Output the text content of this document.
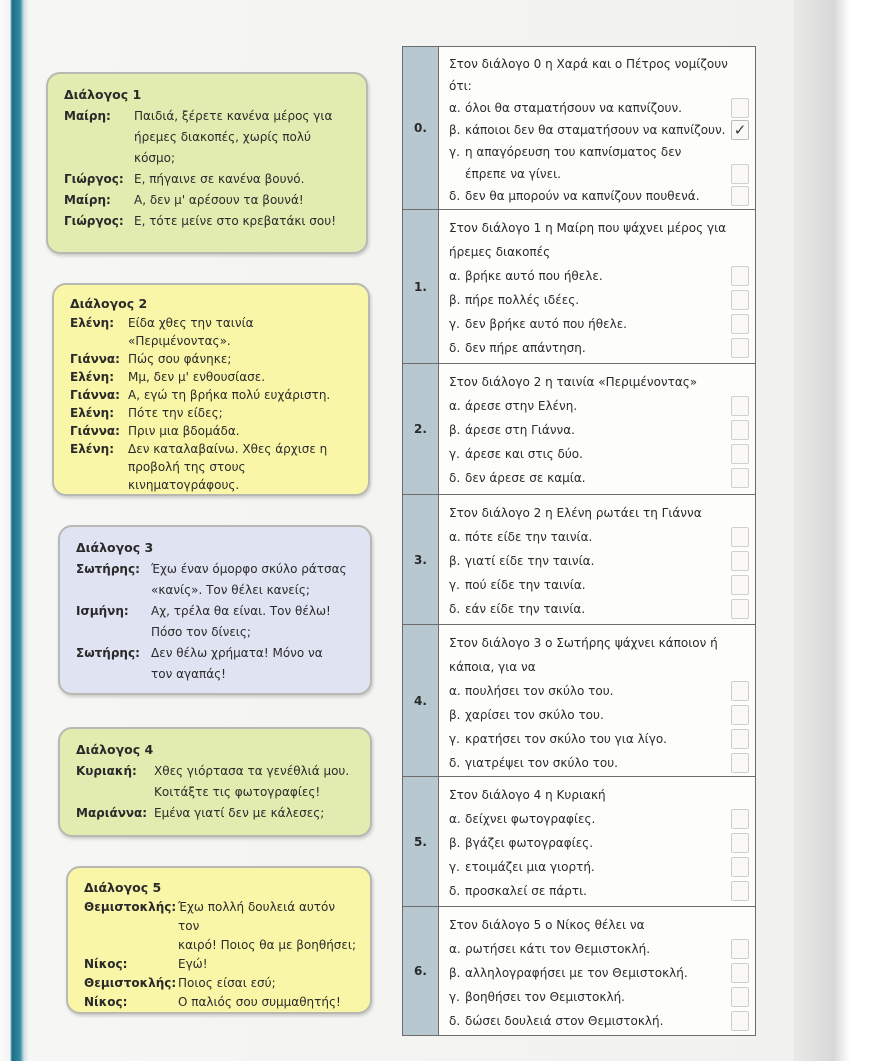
Διάλογος 1
Μαίρη:	Παιδιά, ξέρετε κανένα μέρος για
ήρεμες διακοπές, χωρίς πολύ
κόσμο;
Γιώργος: Ε, πήγαινε σε κανένα βουνό.
Μαίρη:	Α, δεν μ' αρέσουν τα βουνά!
Γιώργος: Ε, τότε μείνε στο κρεβατάκι σου!
Διάλογος 2
Ελένη:	Είδα χθες την ταινία «Περιμένοντας».
Γιάννα: Πώς σου φάνηκε;
Ελένη:	Μμ, δεν μ' ενθουσίασε.
Γιάννα: Α, εγώ τη βρήκα πολύ ευχάριστη.
Ελένη:	Πότε την είδες;
Γιάννα: Πριν μια βδομάδα.
Ελένη:	Δεν καταλαβαίνω. Χθες άρχισε η
προβολή της στους κινηματογράφους.
Διάλογος 3
Σωτήρης: Έχω έναν όμορφο σκύλο ράτσας
«κανίς». Τον θέλει κανείς;
Ισμήνη:	Αχ, τρέλα θα είναι. Τον θέλω!
Πόσο τον δίνεις;
Σωτήρης: Δεν θέλω χρήματα! Μόνο να
τον αγαπάς!
Διάλογος 4
Κυριακή:	Χθες γιόρτασα τα γενέθλιά μου.
Κοιτάξτε τις φωτογραφίες!
Μαριάννα: Εμένα γιατί δεν με κάλεσες;
Διάλογος 5
Θεμιστοκλής: Έχω πολλή δουλειά αυτόν τον
καιρό! Ποιος θα με βοηθήσει;
Νίκος:	Εγώ!
Θεμιστοκλής: Ποιος είσαι εσύ;
Νίκος:	Ο παλιός σου συμμαθητής!
0.
Στον διάλογο 0 η Χαρά και ο Πέτρος νομίζουν ότι:
α. όλοι θα σταματήσουν να καπνίζουν.
β. κάποιοι δεν θα σταματήσουν να καπνίζουν. ✓
γ. η απαγόρευση του καπνίσματος δεν
έπρεπε να γίνει.
δ. δεν θα μπορούν να καπνίζουν πουθενά.
1.
Στον διάλογο 1 η Μαίρη που ψάχνει μέρος για
ήρεμες διακοπές
α. βρήκε αυτό που ήθελε.
β. πήρε πολλές ιδέες.
γ. δεν βρήκε αυτό που ήθελε.
δ. δεν πήρε απάντηση.
2.
Στον διάλογο 2 η ταινία «Περιμένοντας»
α. άρεσε στην Ελένη.
β. άρεσε στη Γιάννα.
γ. άρεσε και στις δύο.
δ. δεν άρεσε σε καμία.
3.
Στον διάλογο 2 η Ελένη ρωτάει τη Γιάννα
α. πότε είδε την ταινία.
β. γιατί είδε την ταινία.
γ. πού είδε την ταινία.
δ. εάν είδε την ταινία.
4.
Στον διάλογο 3 ο Σωτήρης ψάχνει κάποιον ή
κάποια, για να
α. πουλήσει τον σκύλο του.
β. χαρίσει τον σκύλο του.
γ. κρατήσει τον σκύλο του για λίγο.
δ. γιατρέψει τον σκύλο του.
5.
Στον διάλογο 4 η Κυριακή
α. δείχνει φωτογραφίες.
β. βγάζει φωτογραφίες.
γ. ετοιμάζει μια γιορτή.
δ. προσκαλεί σε πάρτι.
6.
Στον διάλογο 5 ο Νίκος θέλει να
α. ρωτήσει κάτι τον Θεμιστοκλή.
β. αλληλογραφήσει με τον Θεμιστοκλή.
γ. βοηθήσει τον Θεμιστοκλή.
δ. δώσει δουλειά στον Θεμιστοκλή.
